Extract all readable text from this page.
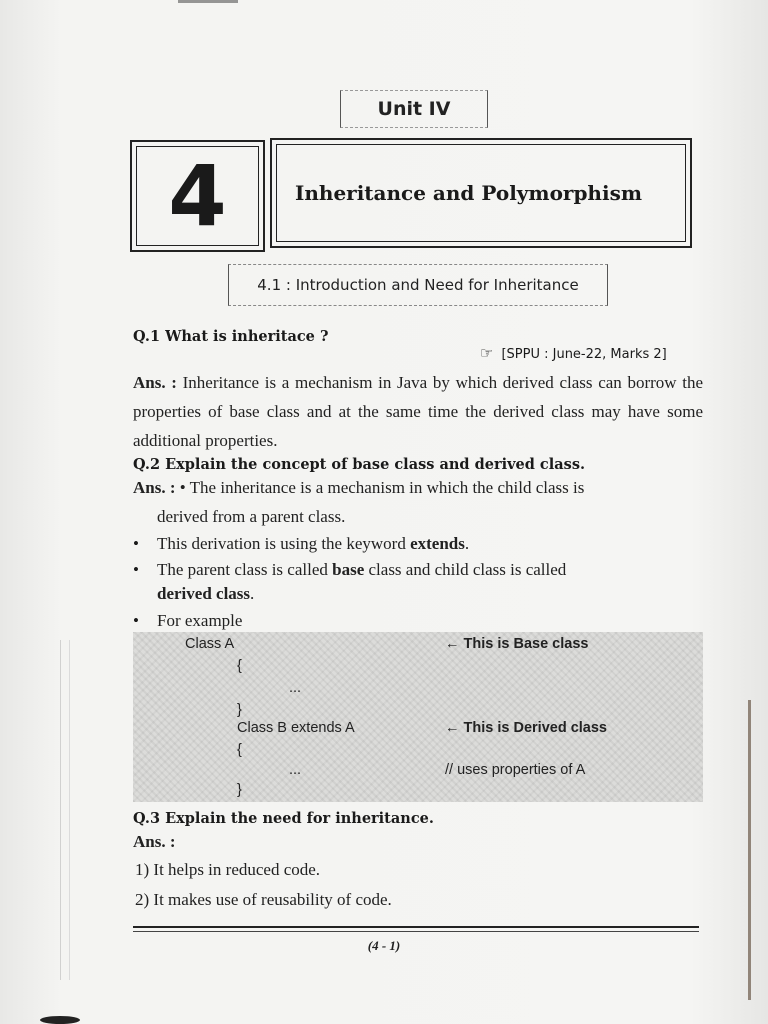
Unit IV
4	Inheritance and Polymorphism
4.1 : Introduction and Need for Inheritance
Q.1 What is inheritace ?
☞ [SPPU : June-22, Marks 2]
Ans. : Inheritance is a mechanism in Java by which derived class can borrow the properties of base class and at the same time the derived class may have some additional properties.
Q.2 Explain the concept of base class and derived class.
Ans. : • The inheritance is a mechanism in which the child class is
derived from a parent class.
• This derivation is using the keyword extends.
• The parent class is called base class and child class is called
derived class.
• For example
Class A
{
...
}
Class B extends A
{
...
}
← This is Base class
← This is Derived class
// uses properties of A
Q.3 Explain the need for inheritance.
Ans. :
1) It helps in reduced code.
2) It makes use of reusability of code.
(4 - 1)
